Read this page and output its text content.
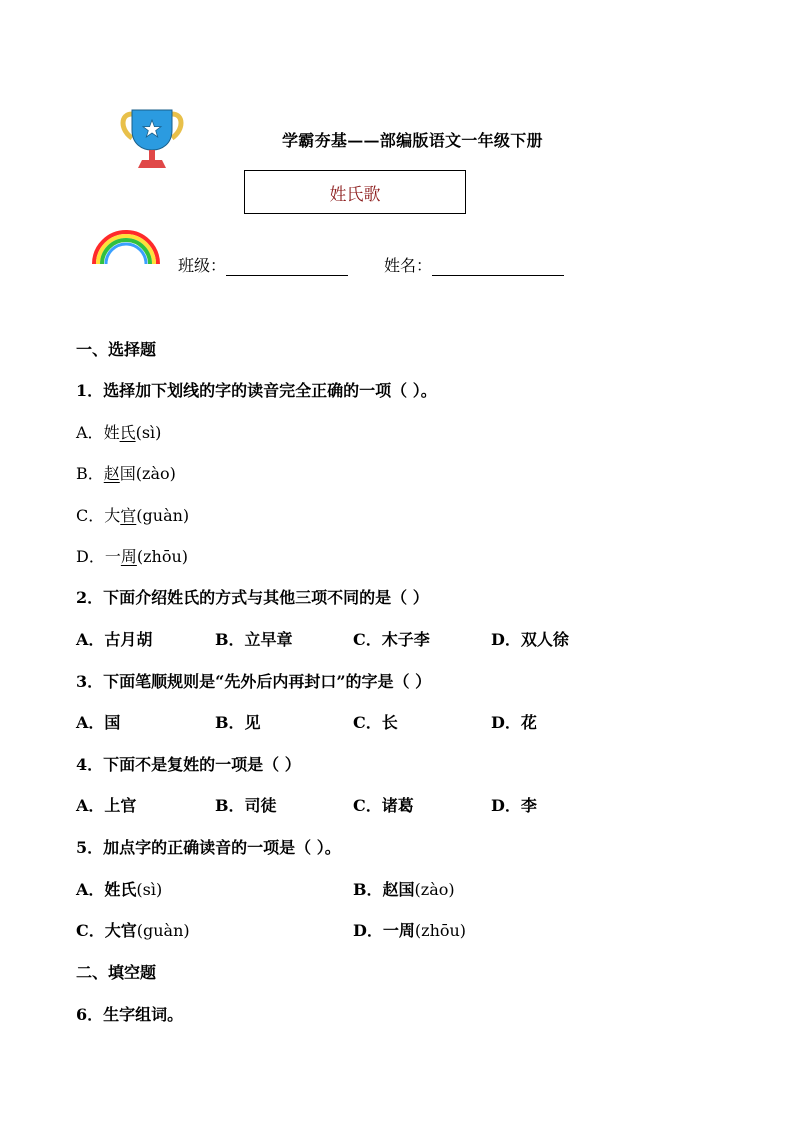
学霸夯基——部编版语文一年级下册
姓氏歌
班级：	姓名：
一、选择题
1．选择加下划线的字的读音完全正确的一项（ ）。
A．姓氏(sì)
B．赵国(zào)
C．大官(guàn)
D．一周(zhōu)
2．下面介绍姓氏的方式与其他三项不同的是（ ）
A．古月胡	B．立早章	C．木子李	D．双人徐
3．下面笔顺规则是“先外后内再封口”的字是（ ）
A．国	B．见	C．长	D．花
4．下面不是复姓的一项是（ ）
A．上官	B．司徒	C．诸葛	D．李
5．加点字的正确读音的一项是（ ）。
A．姓氏(sì)	B．赵国(zào)
C．大官(guàn)	D．一周(zhōu)
二、填空题
6．生字组词。
